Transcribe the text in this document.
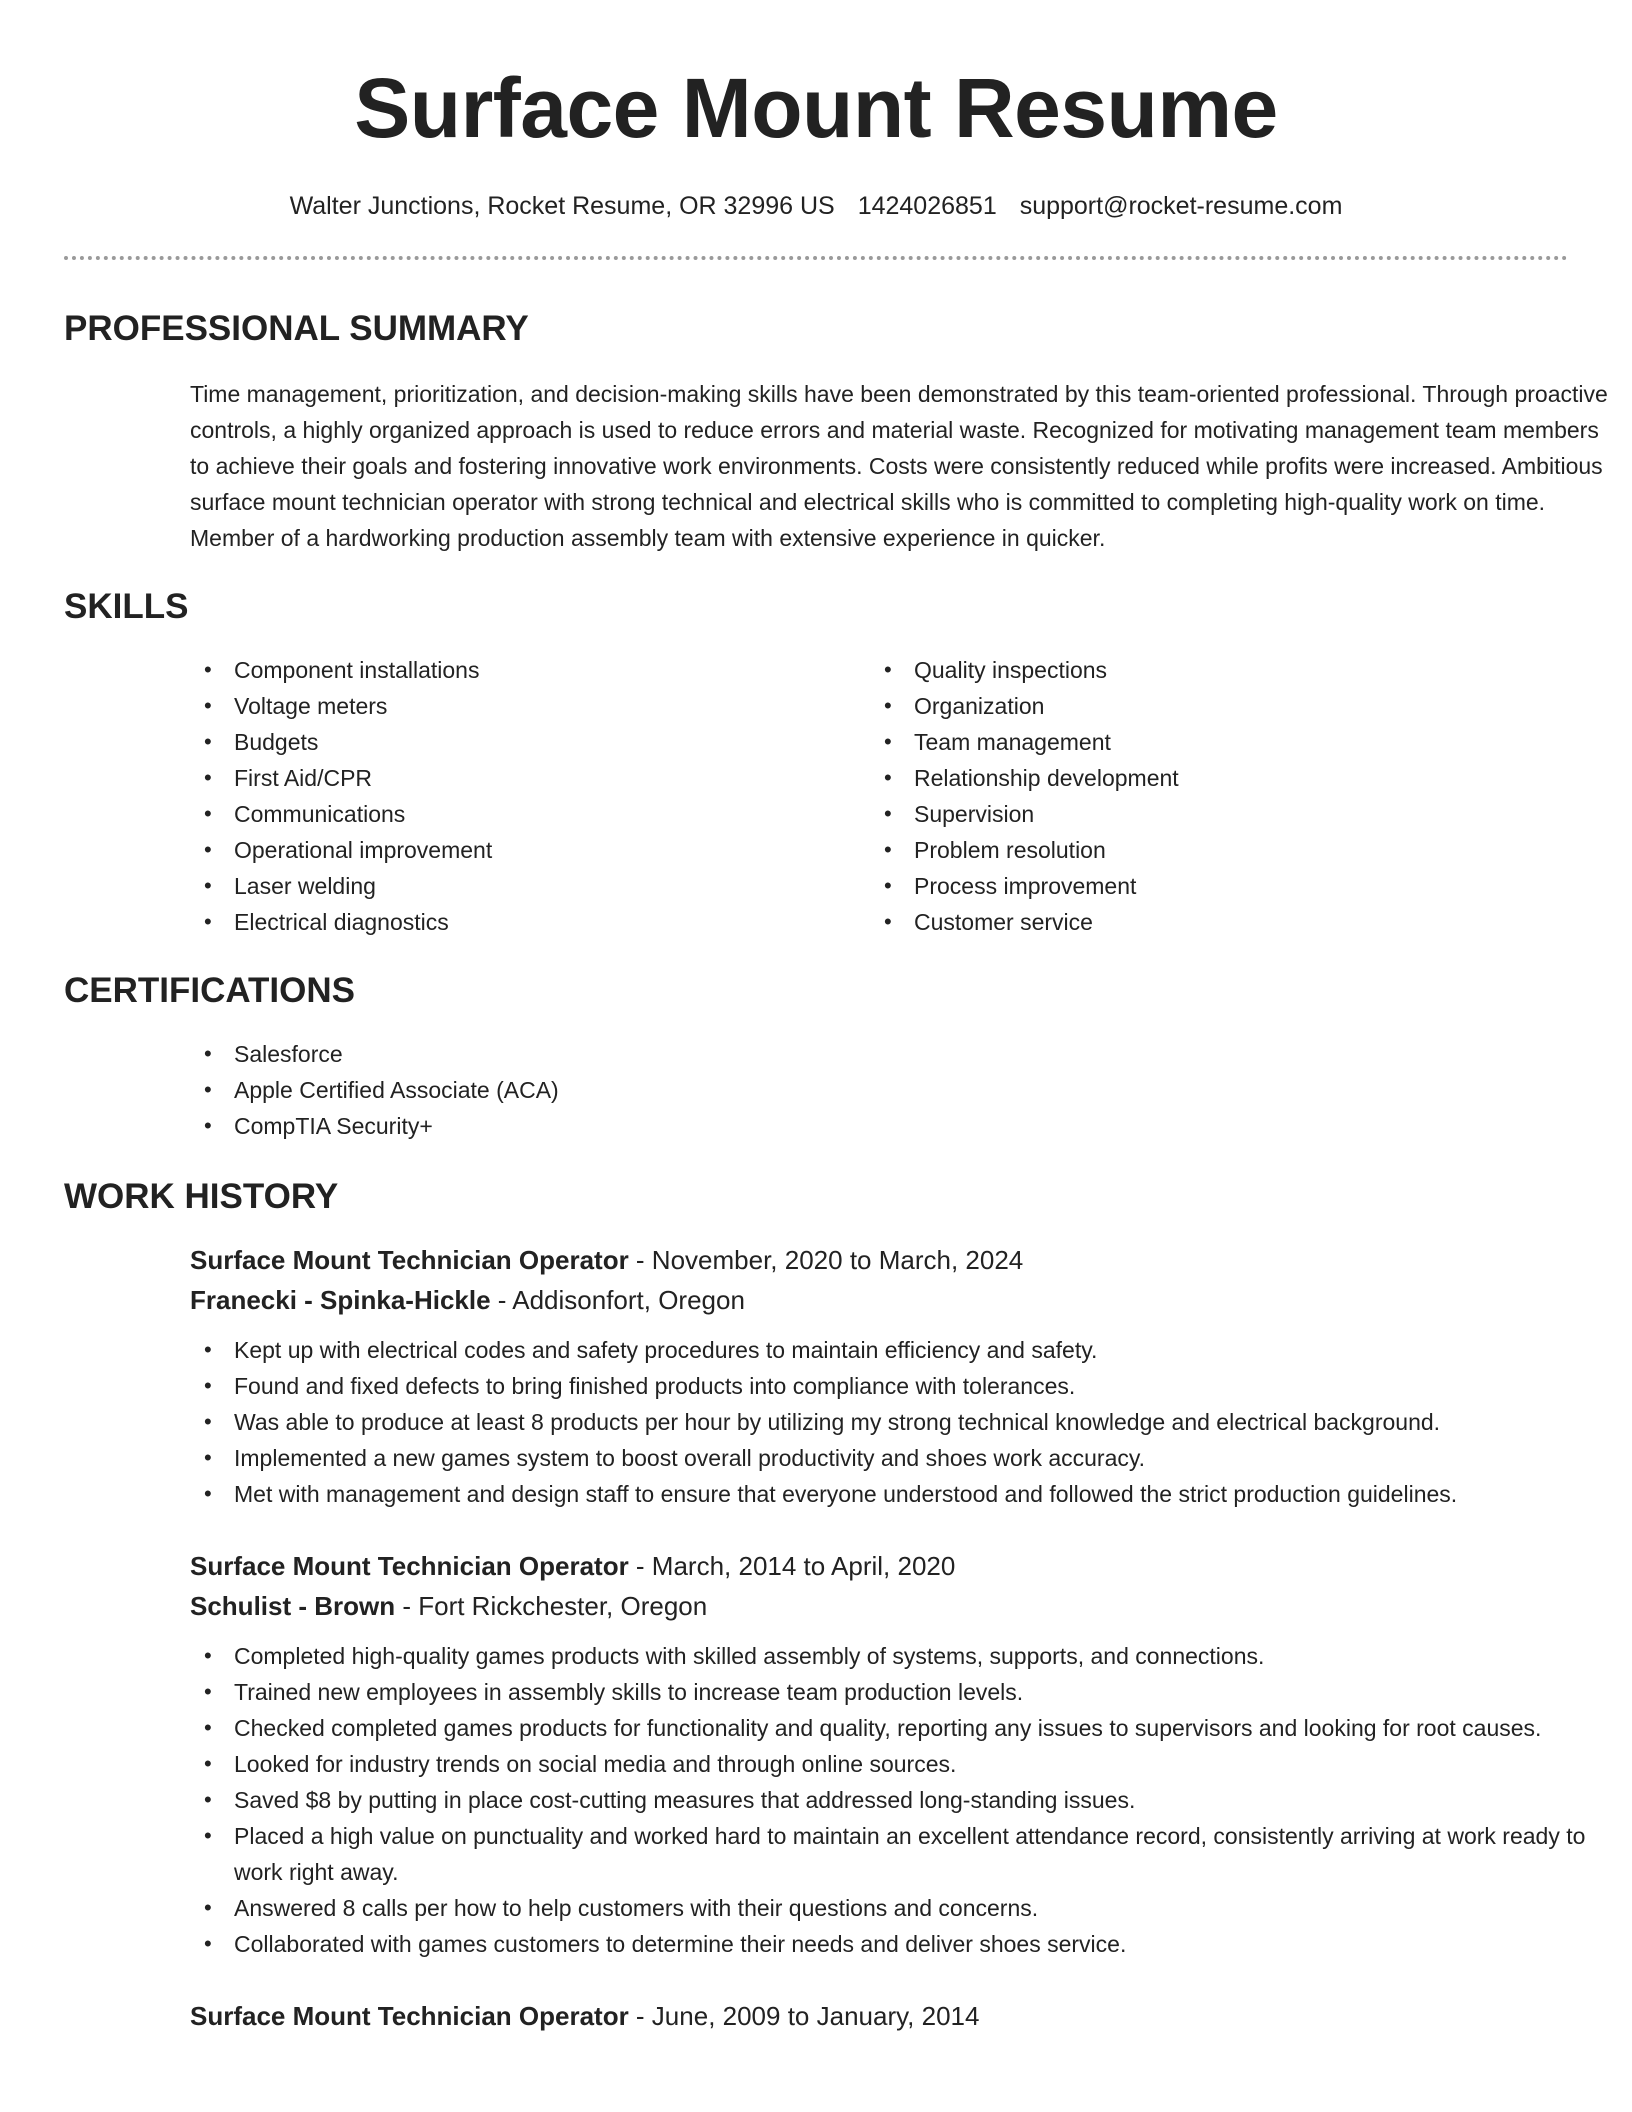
Surface Mount Resume
Walter Junctions, Rocket Resume, OR 32996 US 1424026851 support@rocket-resume.com
PROFESSIONAL SUMMARY

Time management, prioritization, and decision-making skills have been demonstrated by this team-oriented professional. Through proactive controls, a highly organized approach is used to reduce errors and material waste. Recognized for motivating management team members to achieve their goals and fostering innovative work environments. Costs were consistently reduced while profits were increased. Ambitious surface mount technician operator with strong technical and electrical skills who is committed to completing high-quality work on time. Member of a hardworking production assembly team with extensive experience in quicker.

SKILLS
• Component installations
• Voltage meters
• Budgets
• First Aid/CPR
• Communications
• Operational improvement
• Laser welding
• Electrical diagnostics
• Quality inspections
• Organization
• Team management
• Relationship development
• Supervision
• Problem resolution
• Process improvement
• Customer service
CERTIFICATIONS
• Salesforce
• Apple Certified Associate (ACA)
• CompTIA Security+
WORK HISTORY
Surface Mount Technician Operator - November, 2020 to March, 2024
Franecki - Spinka-Hickle - Addisonfort, Oregon
• Kept up with electrical codes and safety procedures to maintain efficiency and safety.
• Found and fixed defects to bring finished products into compliance with tolerances.
• Was able to produce at least 8 products per hour by utilizing my strong technical knowledge and electrical background.
• Implemented a new games system to boost overall productivity and shoes work accuracy.
• Met with management and design staff to ensure that everyone understood and followed the strict production guidelines.
Surface Mount Technician Operator - March, 2014 to April, 2020
Schulist - Brown - Fort Rickchester, Oregon
• Completed high-quality games products with skilled assembly of systems, supports, and connections.
• Trained new employees in assembly skills to increase team production levels.
• Checked completed games products for functionality and quality, reporting any issues to supervisors and looking for root causes.
• Looked for industry trends on social media and through online sources.
• Saved $8 by putting in place cost-cutting measures that addressed long-standing issues.
• Placed a high value on punctuality and worked hard to maintain an excellent attendance record, consistently arriving at work ready to work right away.
• Answered 8 calls per how to help customers with their questions and concerns.
• Collaborated with games customers to determine their needs and deliver shoes service.
Surface Mount Technician Operator - June, 2009 to January, 2014
